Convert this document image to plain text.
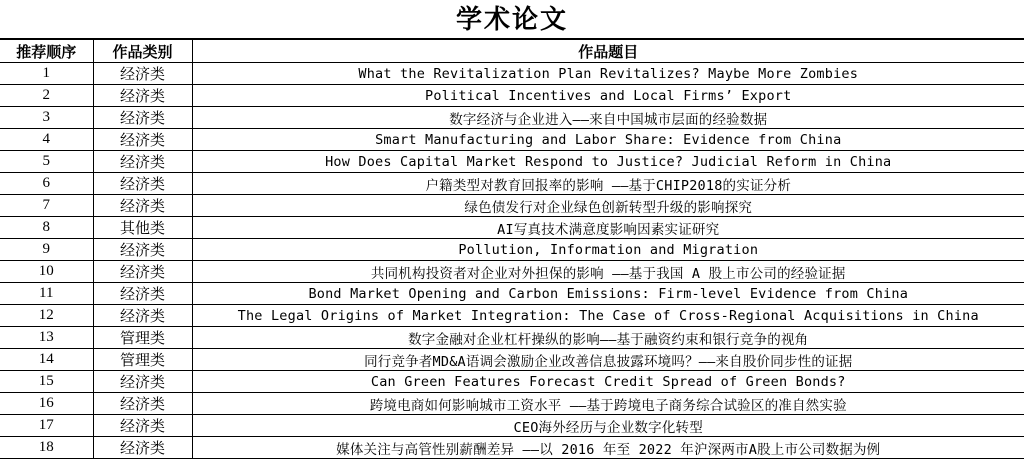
学术论文
推荐顺序	作品类别	作品题目
1	经济类	What the Revitalization Plan Revitalizes? Maybe More Zombies
2	经济类	Political Incentives and Local Firms’ Export
3	经济类	数字经济与企业进入——来自中国城市层面的经验数据
4	经济类	Smart Manufacturing and Labor Share: Evidence from China
5	经济类	How Does Capital Market Respond to Justice? Judicial Reform in China
6	经济类	户籍类型对教育回报率的影响 ——基于CHIP2018的实证分析
7	经济类	绿色债发行对企业绿色创新转型升级的影响探究
8	其他类	AI写真技术满意度影响因素实证研究
9	经济类	Pollution, Information and Migration
10	经济类	共同机构投资者对企业对外担保的影响 ——基于我国 A 股上市公司的经验证据
11	经济类	Bond Market Opening and Carbon Emissions: Firm-level Evidence from China
12	经济类	The Legal Origins of Market Integration: The Case of Cross-Regional Acquisitions in China
13	管理类	数字金融对企业杠杆操纵的影响——基于融资约束和银行竞争的视角
14	管理类	同行竞争者MD&A语调会激励企业改善信息披露环境吗？——来自股价同步性的证据
15	经济类	Can Green Features Forecast Credit Spread of Green Bonds?
16	经济类	跨境电商如何影响城市工资水平 ——基于跨境电子商务综合试验区的准自然实验
17	经济类	CEO海外经历与企业数字化转型
18	经济类	媒体关注与高管性别薪酬差异 ——以 2016 年至 2022 年沪深两市A股上市公司数据为例
